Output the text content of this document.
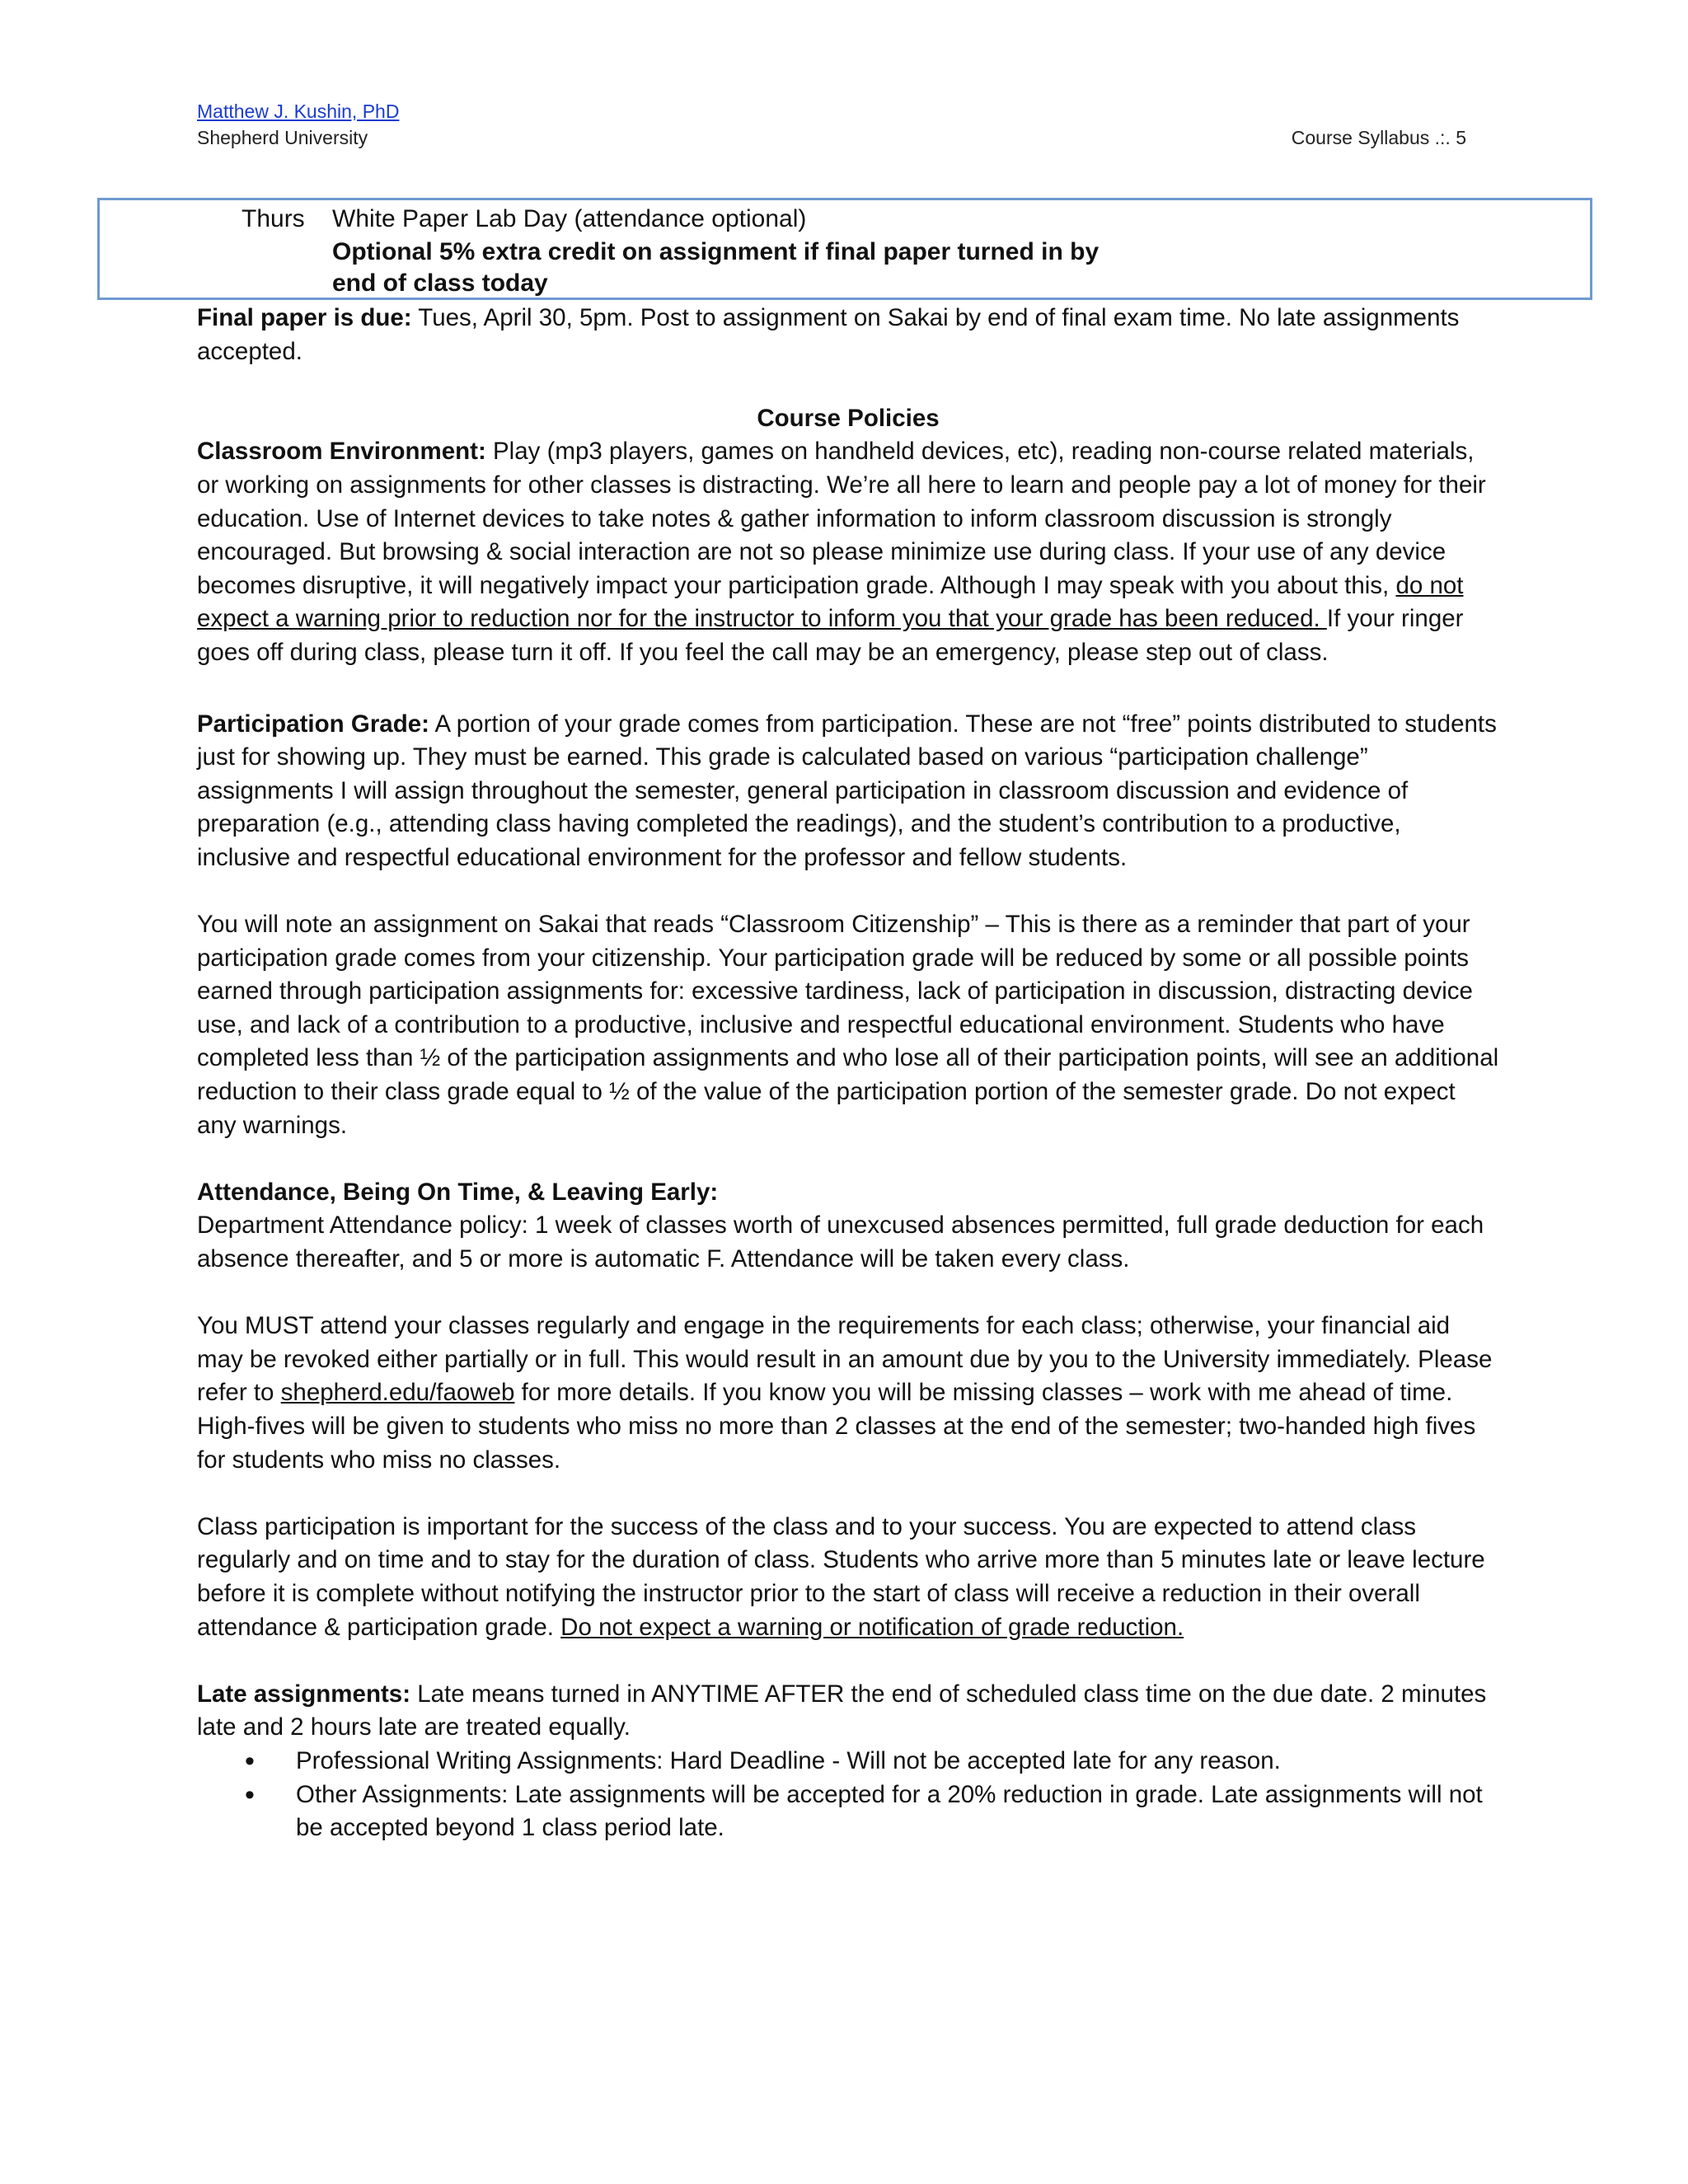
Matthew J. Kushin, PhD
Shepherd University	Course Syllabus .:. 5
Thurs White Paper Lab Day (attendance optional)
Optional 5% extra credit on assignment if final paper turned in by
end of class today

Final paper is due: Tues, April 30, 5pm. Post to assignment on Sakai by end of final exam time. No late assignments accepted.

Course Policies

Classroom Environment: Play (mp3 players, games on handheld devices, etc), reading non-course related materials, or working on assignments for other classes is distracting. We’re all here to learn and people pay a lot of money for their education. Use of Internet devices to take notes & gather information to inform classroom discussion is strongly encouraged. But browsing & social interaction are not so please minimize use during class. If your use of any device becomes disruptive, it will negatively impact your participation grade. Although I may speak with you about this, do not expect a warning prior to reduction nor for the instructor to inform you that your grade has been reduced. If your ringer goes off during class, please turn it off. If you feel the call may be an emergency, please step out of class.

Participation Grade: A portion of your grade comes from participation. These are not “free” points distributed to students just for showing up. They must be earned. This grade is calculated based on various “participation challenge” assignments I will assign throughout the semester, general participation in classroom discussion and evidence of preparation (e.g., attending class having completed the readings), and the student’s contribution to a productive, inclusive and respectful educational environment for the professor and fellow students.

You will note an assignment on Sakai that reads “Classroom Citizenship” – This is there as a reminder that part of your participation grade comes from your citizenship. Your participation grade will be reduced by some or all possible points earned through participation assignments for: excessive tardiness, lack of participation in discussion, distracting device use, and lack of a contribution to a productive, inclusive and respectful educational environment. Students who have completed less than ½ of the participation assignments and who lose all of their participation points, will see an additional reduction to their class grade equal to ½ of the value of the participation portion of the semester grade. Do not expect any warnings.

Attendance, Being On Time, & Leaving Early:

Department Attendance policy: 1 week of classes worth of unexcused absences permitted, full grade deduction for each absence thereafter, and 5 or more is automatic F. Attendance will be taken every class.

You MUST attend your classes regularly and engage in the requirements for each class; otherwise, your financial aid may be revoked either partially or in full. This would result in an amount due by you to the University immediately. Please refer to shepherd.edu/faoweb for more details. If you know you will be missing classes – work with me ahead of time. High-fives will be given to students who miss no more than 2 classes at the end of the semester; two-handed high fives for students who miss no classes.

Class participation is important for the success of the class and to your success. You are expected to attend class regularly and on time and to stay for the duration of class. Students who arrive more than 5 minutes late or leave lecture before it is complete without notifying the instructor prior to the start of class will receive a reduction in their overall attendance & participation grade. Do not expect a warning or notification of grade reduction.

Late assignments: Late means turned in ANYTIME AFTER the end of scheduled class time on the due date. 2 minutes late and 2 hours late are treated equally.

• Professional Writing Assignments: Hard Deadline - Will not be accepted late for any reason.
• Other Assignments: Late assignments will be accepted for a 20% reduction in grade. Late assignments will not be accepted beyond 1 class period late.
